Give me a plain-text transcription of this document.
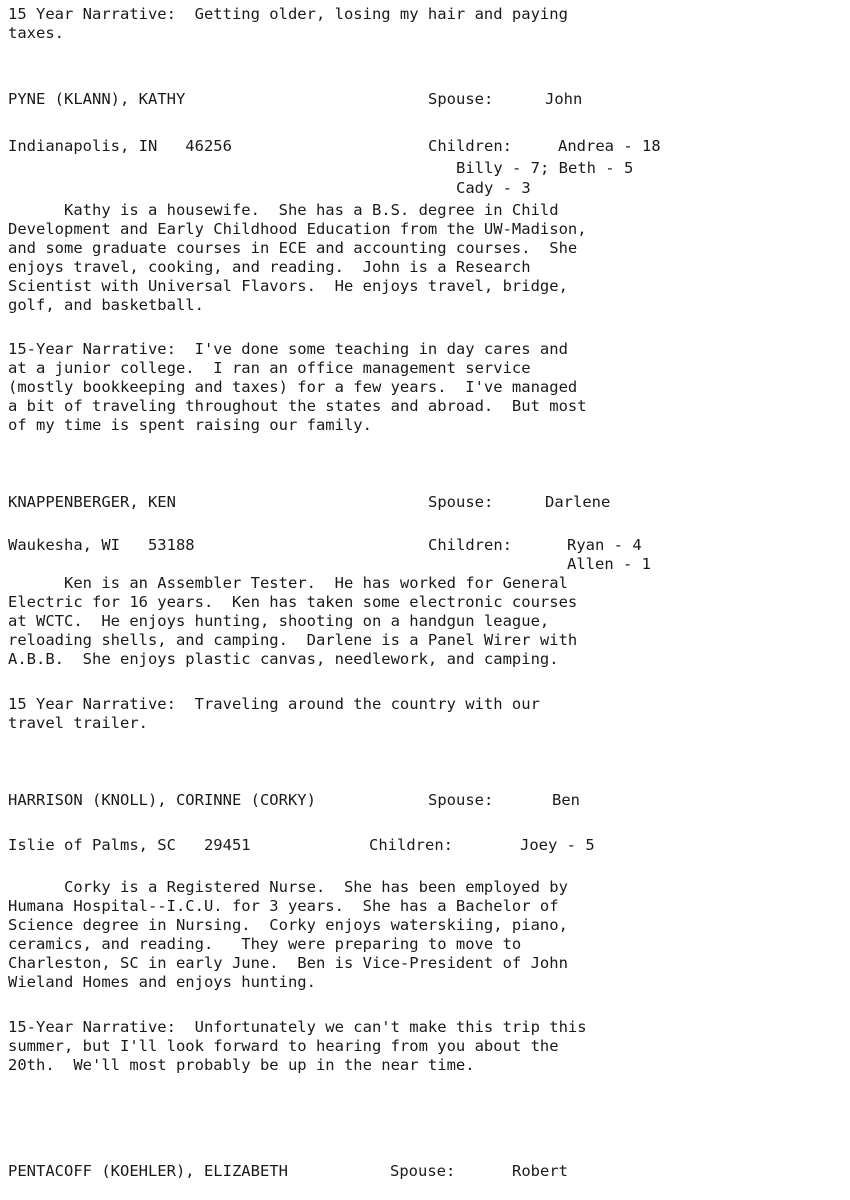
15 Year Narrative:  Getting older, losing my hair and paying
taxes.
PYNE (KLANN), KATHY	Spouse:	John
Indianapolis, IN   46256	Children:	Andrea - 18
Billy - 7; Beth - 5
Cady - 3
Kathy is a housewife.  She has a B.S. degree in Child
Development and Early Childhood Education from the UW-Madison,
and some graduate courses in ECE and accounting courses.  She
enjoys travel, cooking, and reading.  John is a Research
Scientist with Universal Flavors.  He enjoys travel, bridge,
golf, and basketball.
15-Year Narrative:  I've done some teaching in day cares and
at a junior college.  I ran an office management service
(mostly bookkeeping and taxes) for a few years.  I've managed
a bit of traveling throughout the states and abroad.  But most
of my time is spent raising our family.
KNAPPENBERGER, KEN	Spouse:	Darlene
Waukesha, WI   53188	Children:	Ryan - 4
Allen - 1
Ken is an Assembler Tester.  He has worked for General
Electric for 16 years.  Ken has taken some electronic courses
at WCTC.  He enjoys hunting, shooting on a handgun league,
reloading shells, and camping.  Darlene is a Panel Wirer with
A.B.B.  She enjoys plastic canvas, needlework, and camping.
15 Year Narrative:  Traveling around the country with our
travel trailer.
HARRISON (KNOLL), CORINNE (CORKY)	Spouse:	Ben
Islie of Palms, SC   29451	Children:	Joey - 5
Corky is a Registered Nurse.  She has been employed by
Humana Hospital--I.C.U. for 3 years.  She has a Bachelor of
Science degree in Nursing.  Corky enjoys waterskiing, piano,
ceramics, and reading.   They were preparing to move to
Charleston, SC in early June.  Ben is Vice-President of John
Wieland Homes and enjoys hunting.
15-Year Narrative:  Unfortunately we can't make this trip this
summer, but I'll look forward to hearing from you about the
20th.  We'll most probably be up in the near time.
PENTACOFF (KOEHLER), ELIZABETH	Spouse:	Robert
